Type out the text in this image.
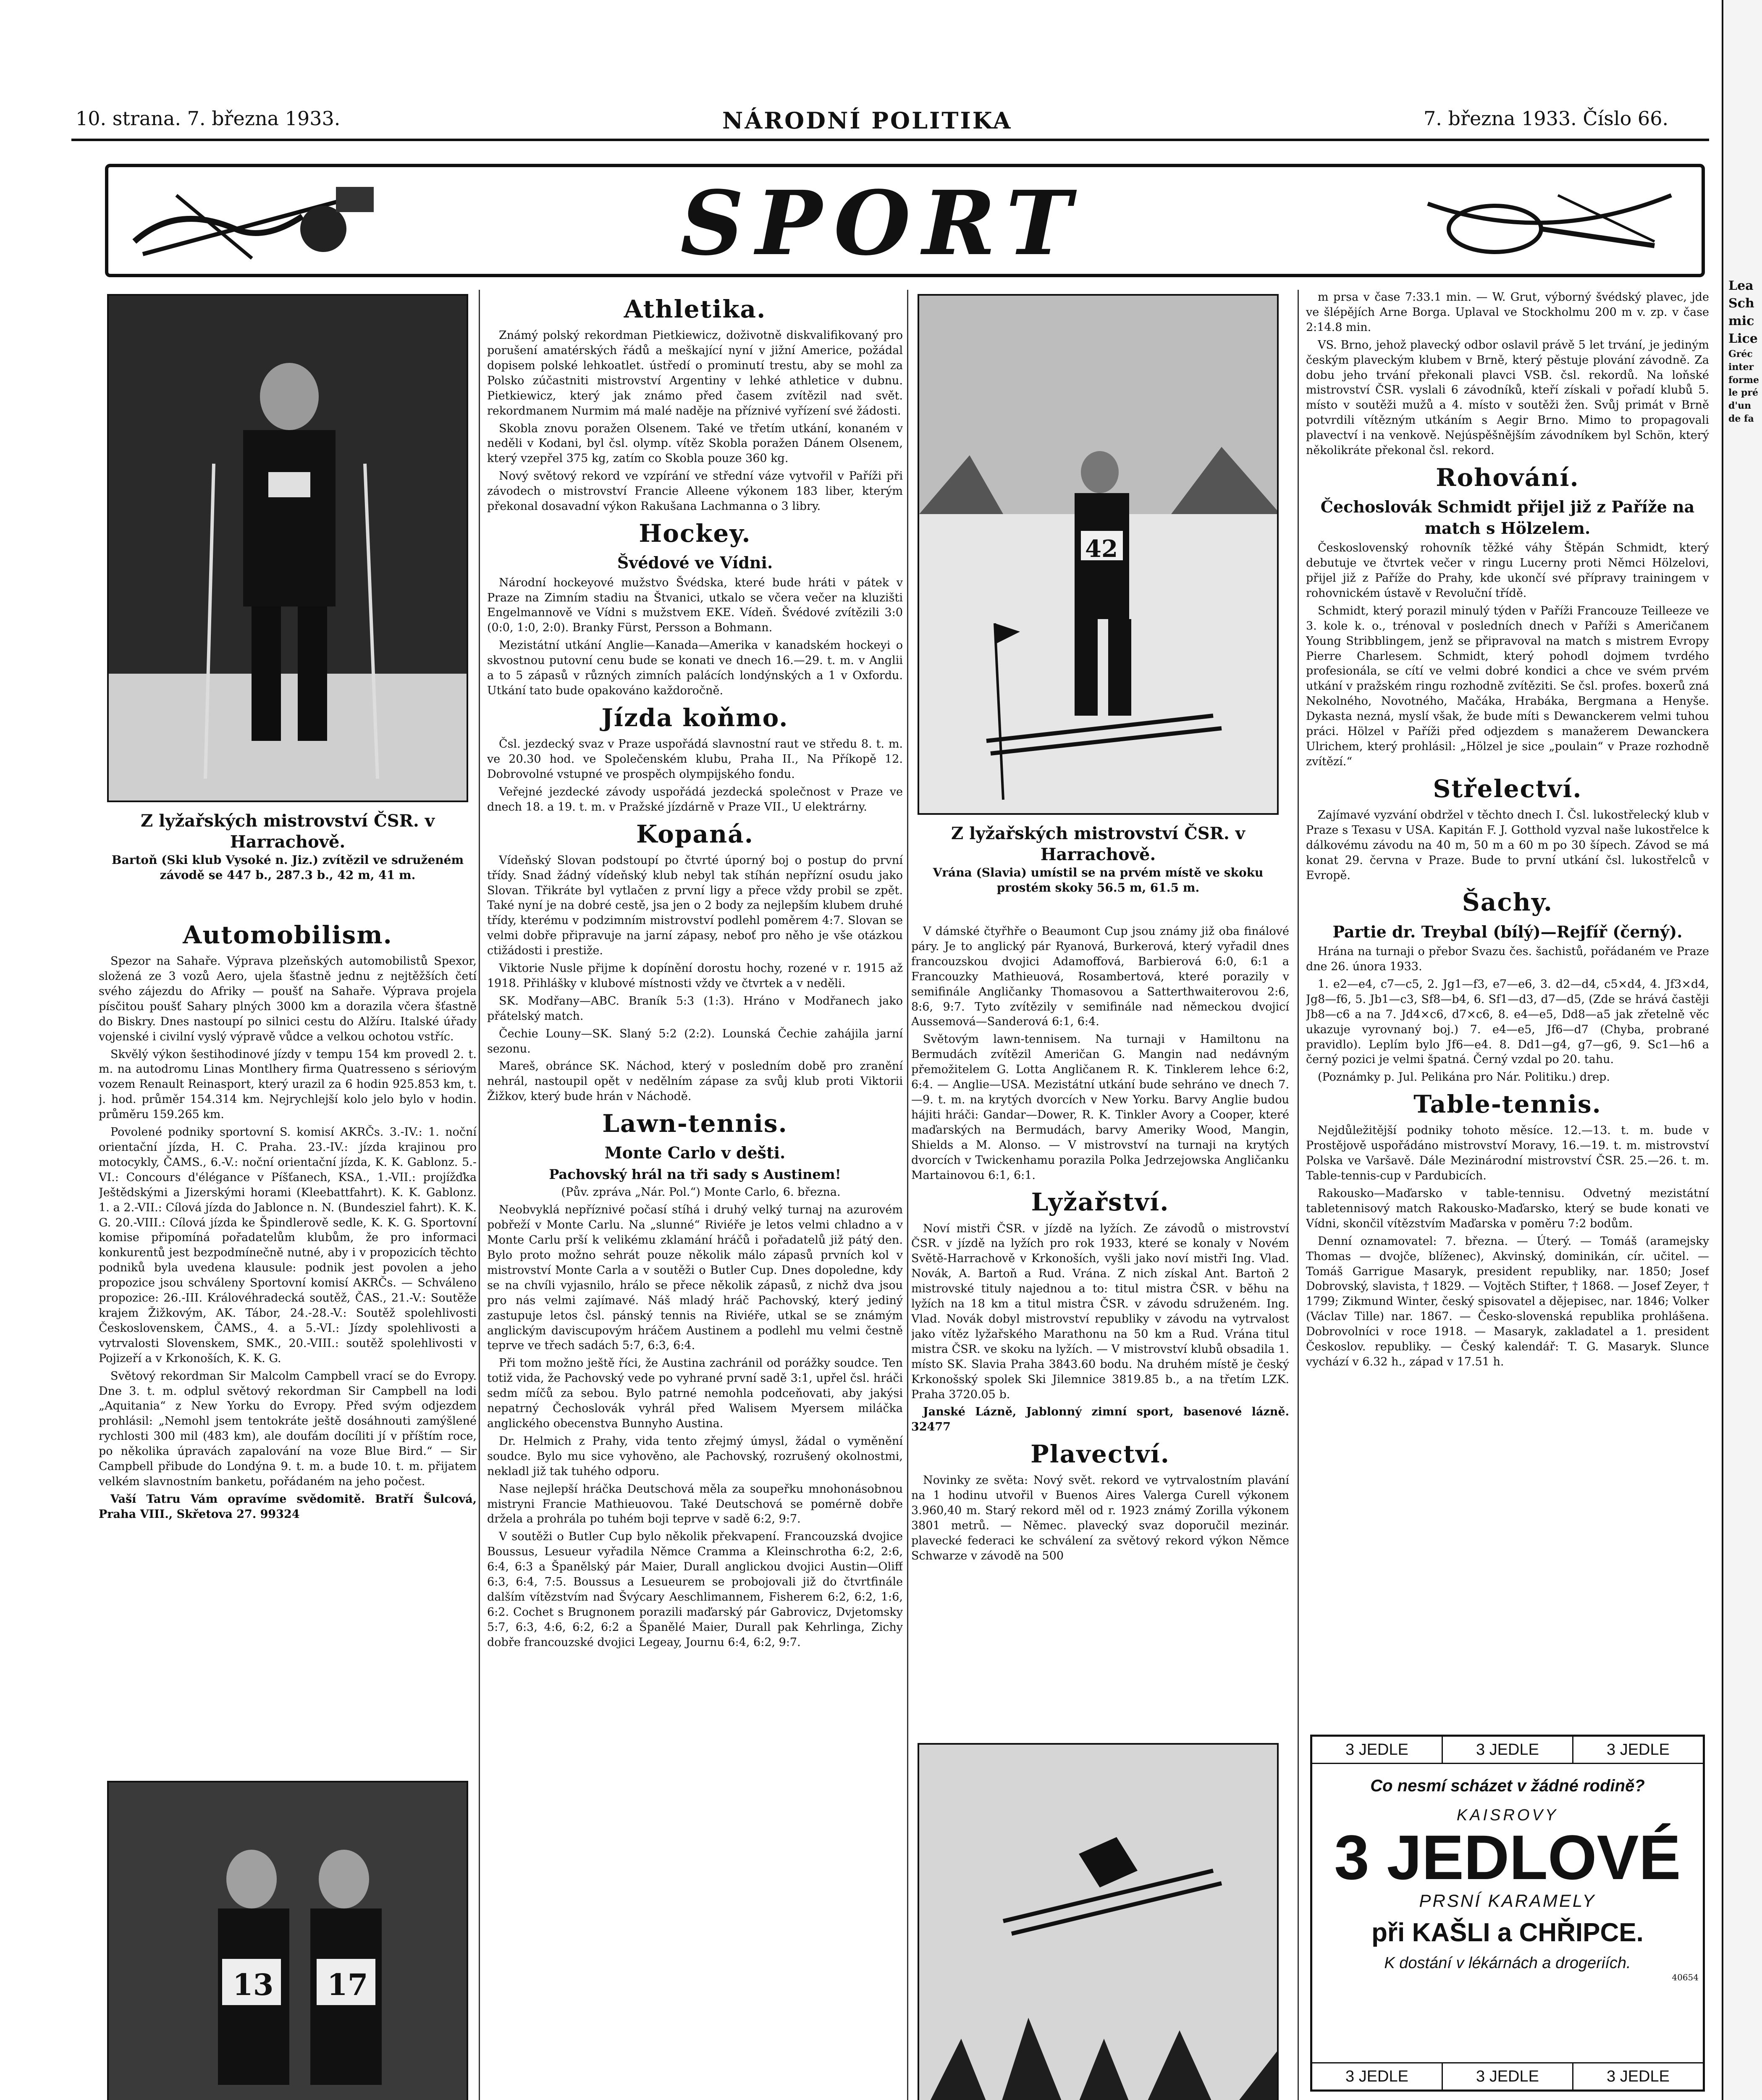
10. strana. 7. března 1933.	NÁRODNÍ POLITIKA	7. března 1933. Číslo 66.
SPORT
Z lyžařských mistrovství ČSR. v Harrachově.
Bartoň (Ski klub Vysoké n. Jiz.) zvítězil ve sdruženém závodě se 447 b., 287.3 b., 42 m, 41 m.
Automobilism.

Spezor na Sahaře. Výprava plzeňských automobilistů Spexor, složená ze 3 vozů Aero, ujela šťastně jednu z nejtěžších četí svého zájezdu do Afriky — poušť na Sahaře. Výprava projela písčitou poušť Sahary plných 3000 km a dorazila včera šťastně do Biskry. Dnes nastoupí po silnici cestu do Alžíru. Italské úřady vojenské i civilní vyslý výpravě vůdce a velkou ochotou vstříc.

Skvělý výkon šestihodinové jízdy v tempu 154 km provedl 2. t. m. na autodromu Linas Montlhery firma Quatresseno s sériovým vozem Renault Reinasport, který urazil za 6 hodin 925.853 km, t. j. hod. průměr 154.314 km. Nejrychlejší kolo jelo bylo v hodin. průměru 159.265 km.

Povolené podniky sportovní S. komisí AKRČs. 3.-IV.: 1. noční orientační jízda, H. C. Praha. 23.-IV.: jízda krajinou pro motocykly, ČAMS., 6.-V.: noční orientační jízda, K. K. Gablonz. 5.-VI.: Concours d'élégance v Píšťanech, KSA., 1.-VII.: projížďka Ještědskými a Jizerskými horami (Kleebattfahrt). K. K. Gablonz. 1. a 2.-VII.: Cílová jízda do Jablonce n. N. (Bundesziel fahrt). K. K. G. 20.-VIII.: Cílová jízda ke Špindlerově sedle, K. K. G. Sportovní komise připomíná pořadatelům klubům, že pro informaci konkurentů jest bezpodmínečně nutné, aby i v propozicích těchto podniků byla uvedena klausule: podnik jest povolen a jeho propozice jsou schváleny Sportovní komisí AKRČs. — Schváleno propozice: 26.-III. Královéhradecká soutěž, ČAS., 21.-V.: Soutěže krajem Žižkovým, AK. Tábor, 24.-28.-V.: Soutěž spolehlivosti Československem, ČAMS., 4. a 5.-VI.: Jízdy spolehlivosti a vytrvalosti Slovenskem, SMK., 20.-VIII.: soutěž spolehlivosti v Pojizeří a v Krkonoších, K. K. G.

Světový rekordman Sir Malcolm Campbell vrací se do Evropy. Dne 3. t. m. odplul světový rekordman Sir Campbell na lodi „Aquitania“ z New Yorku do Evropy. Před svým odjezdem prohlásil: „Nemohl jsem tentokráte ještě dosáhnouti zamýšlené rychlosti 300 mil (483 km), ale doufám docíliti jí v příštím roce, po několika úpravách zapalování na voze Blue Bird.“ — Sir Campbell přibude do Londýna 9. t. m. a bude 10. t. m. přijatem velkém slavnostním banketu, pořádaném na jeho počest.

Vaší Tatru Vám opravíme svědomitě. Bratří Šulcová, Praha VIII., Skřetova 27. 99324

13 17
Athletika.

Známý polský rekordman Pietkiewicz, doživotně diskvalifikovaný pro porušení amatérských řádů a meškající nyní v jižní Americe, požádal dopisem polské lehkoatlet. ústředí o prominutí trestu, aby se mohl za Polsko zúčastniti mistrovství Argentiny v lehké athletice v dubnu. Pietkiewicz, který jak známo před časem zvítězil nad svět. rekordmanem Nurmim má malé naděje na příznivé vyřízení své žádosti.

Skobla znovu poražen Olsenem. Také ve třetím utkání, konaném v neděli v Kodani, byl čsl. olymp. vítěz Skobla poražen Dánem Olsenem, který vzepřel 375 kg, zatím co Skobla pouze 360 kg.

Nový světový rekord ve vzpírání ve střední váze vytvořil v Paříži při závodech o mistrovství Francie Alleene výkonem 183 liber, kterým překonal dosavadní výkon Rakušana Lachmanna o 3 libry.

Hockey.
Švédové ve Vídni.

Národní hockeyové mužstvo Švédska, které bude hráti v pátek v Praze na Zimním stadiu na Štvanici, utkalo se včera večer na kluzišti Engelmannově ve Vídni s mužstvem EKE. Vídeň. Švédové zvítězili 3:0 (0:0, 1:0, 2:0). Branky Fürst, Persson a Bohmann.

Mezistátní utkání Anglie—Kanada—Amerika v kanadském hockeyi o skvostnou putovní cenu bude se konati ve dnech 16.—29. t. m. v Anglii a to 5 zápasů v různých zimních palácích londýnských a 1 v Oxfordu. Utkání tato bude opakováno každoročně.

Jízda koňmo.

Čsl. jezdecký svaz v Praze uspořádá slavnostní raut ve středu 8. t. m. ve 20.30 hod. ve Společenském klubu, Praha II., Na Příkopě 12. Dobrovolné vstupné ve prospěch olympijského fondu.

Veřejné jezdecké závody uspořádá jezdecká společnost v Praze ve dnech 18. a 19. t. m. v Pražské jízdárně v Praze VII., U elektrárny.

Kopaná.

Vídeňský Slovan podstoupí po čtvrté úporný boj o postup do první třídy. Snad žádný vídeňský klub nebyl tak stíhán nepřízní osudu jako Slovan. Třikráte byl vytlačen z první ligy a přece vždy probil se zpět. Také nyní je na dobré cestě, jsa jen o 2 body za nejlepším klubem druhé třídy, kterému v podzimním mistrovství podlehl poměrem 4:7. Slovan se velmi dobře připravuje na jarní zápasy, neboť pro něho je vše otázkou ctižádosti i prestiže.

Viktorie Nusle přijme k dopínění dorostu hochy, rozené v r. 1915 až 1918. Přihlášky v klubové místnosti vždy ve čtvrtek a v neděli.

SK. Modřany—ABC. Braník 5:3 (1:3). Hráno v Modřanech jako přátelský match.

Čechie Louny—SK. Slaný 5:2 (2:2). Lounská Čechie zahájila jarní sezonu.

Mareš, obránce SK. Náchod, který v posledním době pro zranění nehrál, nastoupil opět v nedělním zápase za svůj klub proti Viktorii Žižkov, který bude hrán v Náchodě.

Lawn-tennis.
Monte Carlo v dešti.
Pachovský hrál na tři sady s Austinem!

(Pův. zpráva „Nár. Pol.“) Monte Carlo, 6. března.

Neobvyklá nepříznivé počasí stíhá i druhý velký turnaj na azurovém pobřeží v Monte Carlu. Na „slunné“ Riviéře je letos velmi chladno a v Monte Carlu prší k velikému zklamání hráčů i pořadatelů již pátý den. Bylo proto možno sehrát pouze několik málo zápasů prvních kol v mistrovství Monte Carla a v soutěži o Butler Cup. Dnes dopoledne, kdy se na chvíli vyjasnilo, hrálo se přece několik zápasů, z nichž dva jsou pro nás velmi zajímavé. Náš mladý hráč Pachovský, který jediný zastupuje letos čsl. pánský tennis na Riviéře, utkal se se známým anglickým daviscupovým hráčem Austinem a podlehl mu velmi čestně teprve ve třech sadách 5:7, 6:3, 6:4.

Při tom možno ještě říci, že Austina zachránil od porážky soudce. Ten totiž vida, že Pachovský vede po vyhrané první sadě 3:1, upřel čsl. hráči sedm míčů za sebou. Bylo patrné nemohla podceňovati, aby jakýsi nepatrný Čechoslovák vyhrál před Walisem Myersem miláčka anglického obecenstva Bunnyho Austina.

Dr. Helmich z Prahy, vida tento zřejmý úmysl, žádal o vyměnění soudce. Bylo mu sice vyhověno, ale Pachovský, rozrušený okolnostmi, nekladl již tak tuhého odporu.

Nase nejlepší hráčka Deutschová měla za soupeřku mnohonásobnou mistryni Francie Mathieuovou. Také Deutschová se pomérně dobře držela a prohrála po tuhém boji teprve v sadě 6:2, 9:7.

V soutěži o Butler Cup bylo několik překvapení. Francouzská dvojice Boussus, Lesueur vyřadila Němce Cramma a Kleinschrotha 6:2, 2:6, 6:4, 6:3 a Španělský pár Maier, Durall anglickou dvojici Austin—Oliff 6:3, 6:4, 7:5. Boussus a Lesueurem se probojovali již do čtvrtfinále dalším vítězstvím nad Švýcary Aeschlimannem, Fisherem 6:2, 6:2, 1:6, 6:2. Cochet s Brugnonem porazili maďarský pár Gabrovicz, Dvjetomsky 5:7, 6:3, 4:6, 6:2, 6:2 a Španělé Maier, Durall pak Kehrlinga, Zichy dobře francouzské dvojici Legeay, Journu 6:4, 6:2, 9:7.

42
Z lyžařských mistrovství ČSR. v Harrachově.
Vrána (Slavia) umístil se na prvém místě ve skoku prostém skoky 56.5 m, 61.5 m.

V dámské čtyřhře o Beaumont Cup jsou známy již oba finálové páry. Je to anglický pár Ryanová, Burkerová, který vyřadil dnes francouzskou dvojici Adamoffová, Barbierová 6:0, 6:1 a Francouzky Mathieuová, Rosambertová, které porazily v semifinále Angličanky Thomasovou a Satterthwaiterovou 2:6, 8:6, 9:7. Tyto zvítězily v semifinále nad německou dvojicí Aussemová—Sanderová 6:1, 6:4.

Světovým lawn-tennisem. Na turnaji v Hamiltonu na Bermudách zvítězil Američan G. Mangin nad nedávným přemožitelem G. Lotta Angličanem R. K. Tinklerem lehce 6:2, 6:4. — Anglie—USA. Mezistátní utkání bude sehráno ve dnech 7.—9. t. m. na krytých dvorcích v New Yorku. Barvy Anglie budou hájiti hráči: Gandar—Dower, R. K. Tinkler Avory a Cooper, které maďarských na Bermudách, barvy Ameriky Wood, Mangin, Shields a M. Alonso. — V mistrovství na turnaji na krytých dvorcích v Twickenhamu porazila Polka Jedrzejowska Angličanku Martainovou 6:1, 6:1.

Lyžařství.

Noví mistři ČSR. v jízdě na lyžích. Ze závodů o mistrovství ČSR. v jízdě na lyžích pro rok 1933, které se konaly v Novém Světě-Harrachově v Krkonoších, vyšli jako noví mistři Ing. Vlad. Novák, A. Bartoň a Rud. Vrána. Z nich získal Ant. Bartoň 2 mistrovské tituly najednou a to: titul mistra ČSR. v běhu na lyžích na 18 km a titul mistra ČSR. v závodu sdruženém. Ing. Vlad. Novák dobyl mistrovství republiky v závodu na vytrvalost jako vítěz lyžařského Marathonu na 50 km a Rud. Vrána titul mistra ČSR. ve skoku na lyžích. — V mistrovství klubů obsadila 1. místo SK. Slavia Praha 3843.60 bodu. Na druhém místě je český Krkonošský spolek Ski Jilemnice 3819.85 b., a na třetím LZK. Praha 3720.05 b.

Janské Lázně, Jablonný zimní sport, basenové lázně. 32477

Plavectví.

Novinky ze světa: Nový svět. rekord ve vytrvalostním plavání na 1 hodinu utvořil v Buenos Aires Valerga Curell výkonem 3.960,40 m. Starý rekord měl od r. 1923 známý Zorilla výkonem 3801 metrů. — Němec. plavecký svaz doporučil mezinár. plavecké federaci ke schválení za světový rekord výkon Němce Schwarze v závodě na 500

m prsa v čase 7:33.1 min. — W. Grut, výborný švédský plavec, jde ve šlépějích Arne Borga. Uplaval ve Stockholmu 200 m v. zp. v čase 2:14.8 min.

VS. Brno, jehož plavecký odbor oslavil právě 5 let trvání, je jediným českým plaveckým klubem v Brně, který pěstuje plování závodně. Za dobu jeho trvání překonali plavci VSB. čsl. rekordů. Na loňské mistrovství ČSR. vyslali 6 závodníků, kteří získali v pořadí klubů 5. místo v soutěži mužů a 4. místo v soutěži žen. Svůj primát v Brně potvrdili vítězným utkáním s Aegir Brno. Mimo to propagovali plavectví i na venkově. Nejúspěšnějším závodníkem byl Schön, který několikráte překonal čsl. rekord.

Rohování.
Čechoslovák Schmidt přijel již z Paříže na match s Hölzelem.

Československý rohovník těžké váhy Štěpán Schmidt, který debutuje ve čtvrtek večer v ringu Lucerny proti Němci Hölzelovi, přijel již z Paříže do Prahy, kde ukončí své přípravy trainingem v rohovnickém ústavě v Revoluční třídě.

Schmidt, který porazil minulý týden v Paříži Francouze Teilleeze ve 3. kole k. o., trénoval v posledních dnech v Paříži s Američanem Young Stribblingem, jenž se připravoval na match s mistrem Evropy Pierre Charlesem. Schmidt, který pohodl dojmem tvrdého profesionála, se cítí ve velmi dobré kondici a chce ve svém prvém utkání v pražském ringu rozhodně zvítěziti. Se čsl. profes. boxerů zná Nekolného, Novotného, Mačáka, Hrabáka, Bergmana a Henyše. Dykasta nezná, myslí však, že bude míti s Dewanckerem velmi tuhou práci. Hölzel v Paříži před odjezdem s manažerem Dewanckera Ulrichem, který prohlásil: „Hölzel je sice „poulain“ v Praze rozhodně zvítězí.“

Střelectví.

Zajímavé vyzvání obdržel v těchto dnech I. Čsl. lukostřelecký klub v Praze s Texasu v USA. Kapitán F. J. Gotthold vyzval naše lukostřelce k dálkovému závodu na 40 m, 50 m a 60 m po 30 šípech. Závod se má konat 29. června v Praze. Bude to první utkání čsl. lukostřelců v Evropě.

Šachy.
Partie dr. Treybal (bílý)—Rejfíř (černý).

Hrána na turnaji o přebor Svazu čes. šachistů, pořádaném ve Praze dne 26. února 1933.

1. e2—e4, c7—c5, 2. Jg1—f3, e7—e6, 3. d2—d4, c5×d4, 4. Jf3×d4, Jg8—f6, 5. Jb1—c3, Sf8—b4, 6. Sf1—d3, d7—d5, (Zde se hrává častěji Jb8—c6 a na 7. Jd4×c6, d7×c6, 8. e4—e5, Dd8—a5 jak zřetelně věc ukazuje vyrovnaný boj.) 7. e4—e5, Jf6—d7 (Chyba, probrané pravidlo). Leplím bylo Jf6—e4. 8. Dd1—g4, g7—g6, 9. Sc1—h6 a černý pozici je velmi špatná. Černý vzdal po 20. tahu.

(Poznámky p. Jul. Pelikána pro Nár. Politiku.) drep.

Table-tennis.

Nejdůležitější podniky tohoto měsíce. 12.—13. t. m. bude v Prostějově uspořádáno mistrovství Moravy, 16.—19. t. m. mistrovství Polska ve Varšavě. Dále Mezinárodní mistrovství ČSR. 25.—26. t. m. Table-tennis-cup v Pardubicích.

Rakousko—Maďarsko v table-tennisu. Odvetný mezistátní tabletennisový match Rakousko-Maďarsko, který se bude konati ve Vídni, skončil vítězstvím Maďarska v poměru 7:2 bodům.

Denní oznamovatel: 7. března. — Úterý. — Tomáš (aramejsky Thomas — dvojče, blíženec), Akvinský, dominikán, cír. učitel. — Tomáš Garrigue Masaryk, president republiky, nar. 1850; Josef Dobrovský, slavista, † 1829. — Vojtěch Stifter, † 1868. — Josef Zeyer, † 1799; Zikmund Winter, český spisovatel a dějepisec, nar. 1846; Volker (Václav Tille) nar. 1867. — Česko-slovenská republika prohlášena. Dobrovolníci v roce 1918. — Masaryk, zakladatel a 1. president Českoslov. republiky. — Český kalendář: T. G. Masaryk. Slunce vychází v 6.32 h., západ v 17.51 h.

3 JEDLE	3 JEDLE	3 JEDLE
Co nesmí scházet v žádné rodině?
KAISROVY
3 JEDLOVÉ
PRSNÍ KARAMELY
při KAŠLI a CHŘIPCE.
K dostání v lékárnách a drogeriích.
40654
3 JEDLE	3 JEDLE	3 JEDLE
Lea
Sch
mic
Lice
Gréc
inter
forme
le pré
d'un
de fa
